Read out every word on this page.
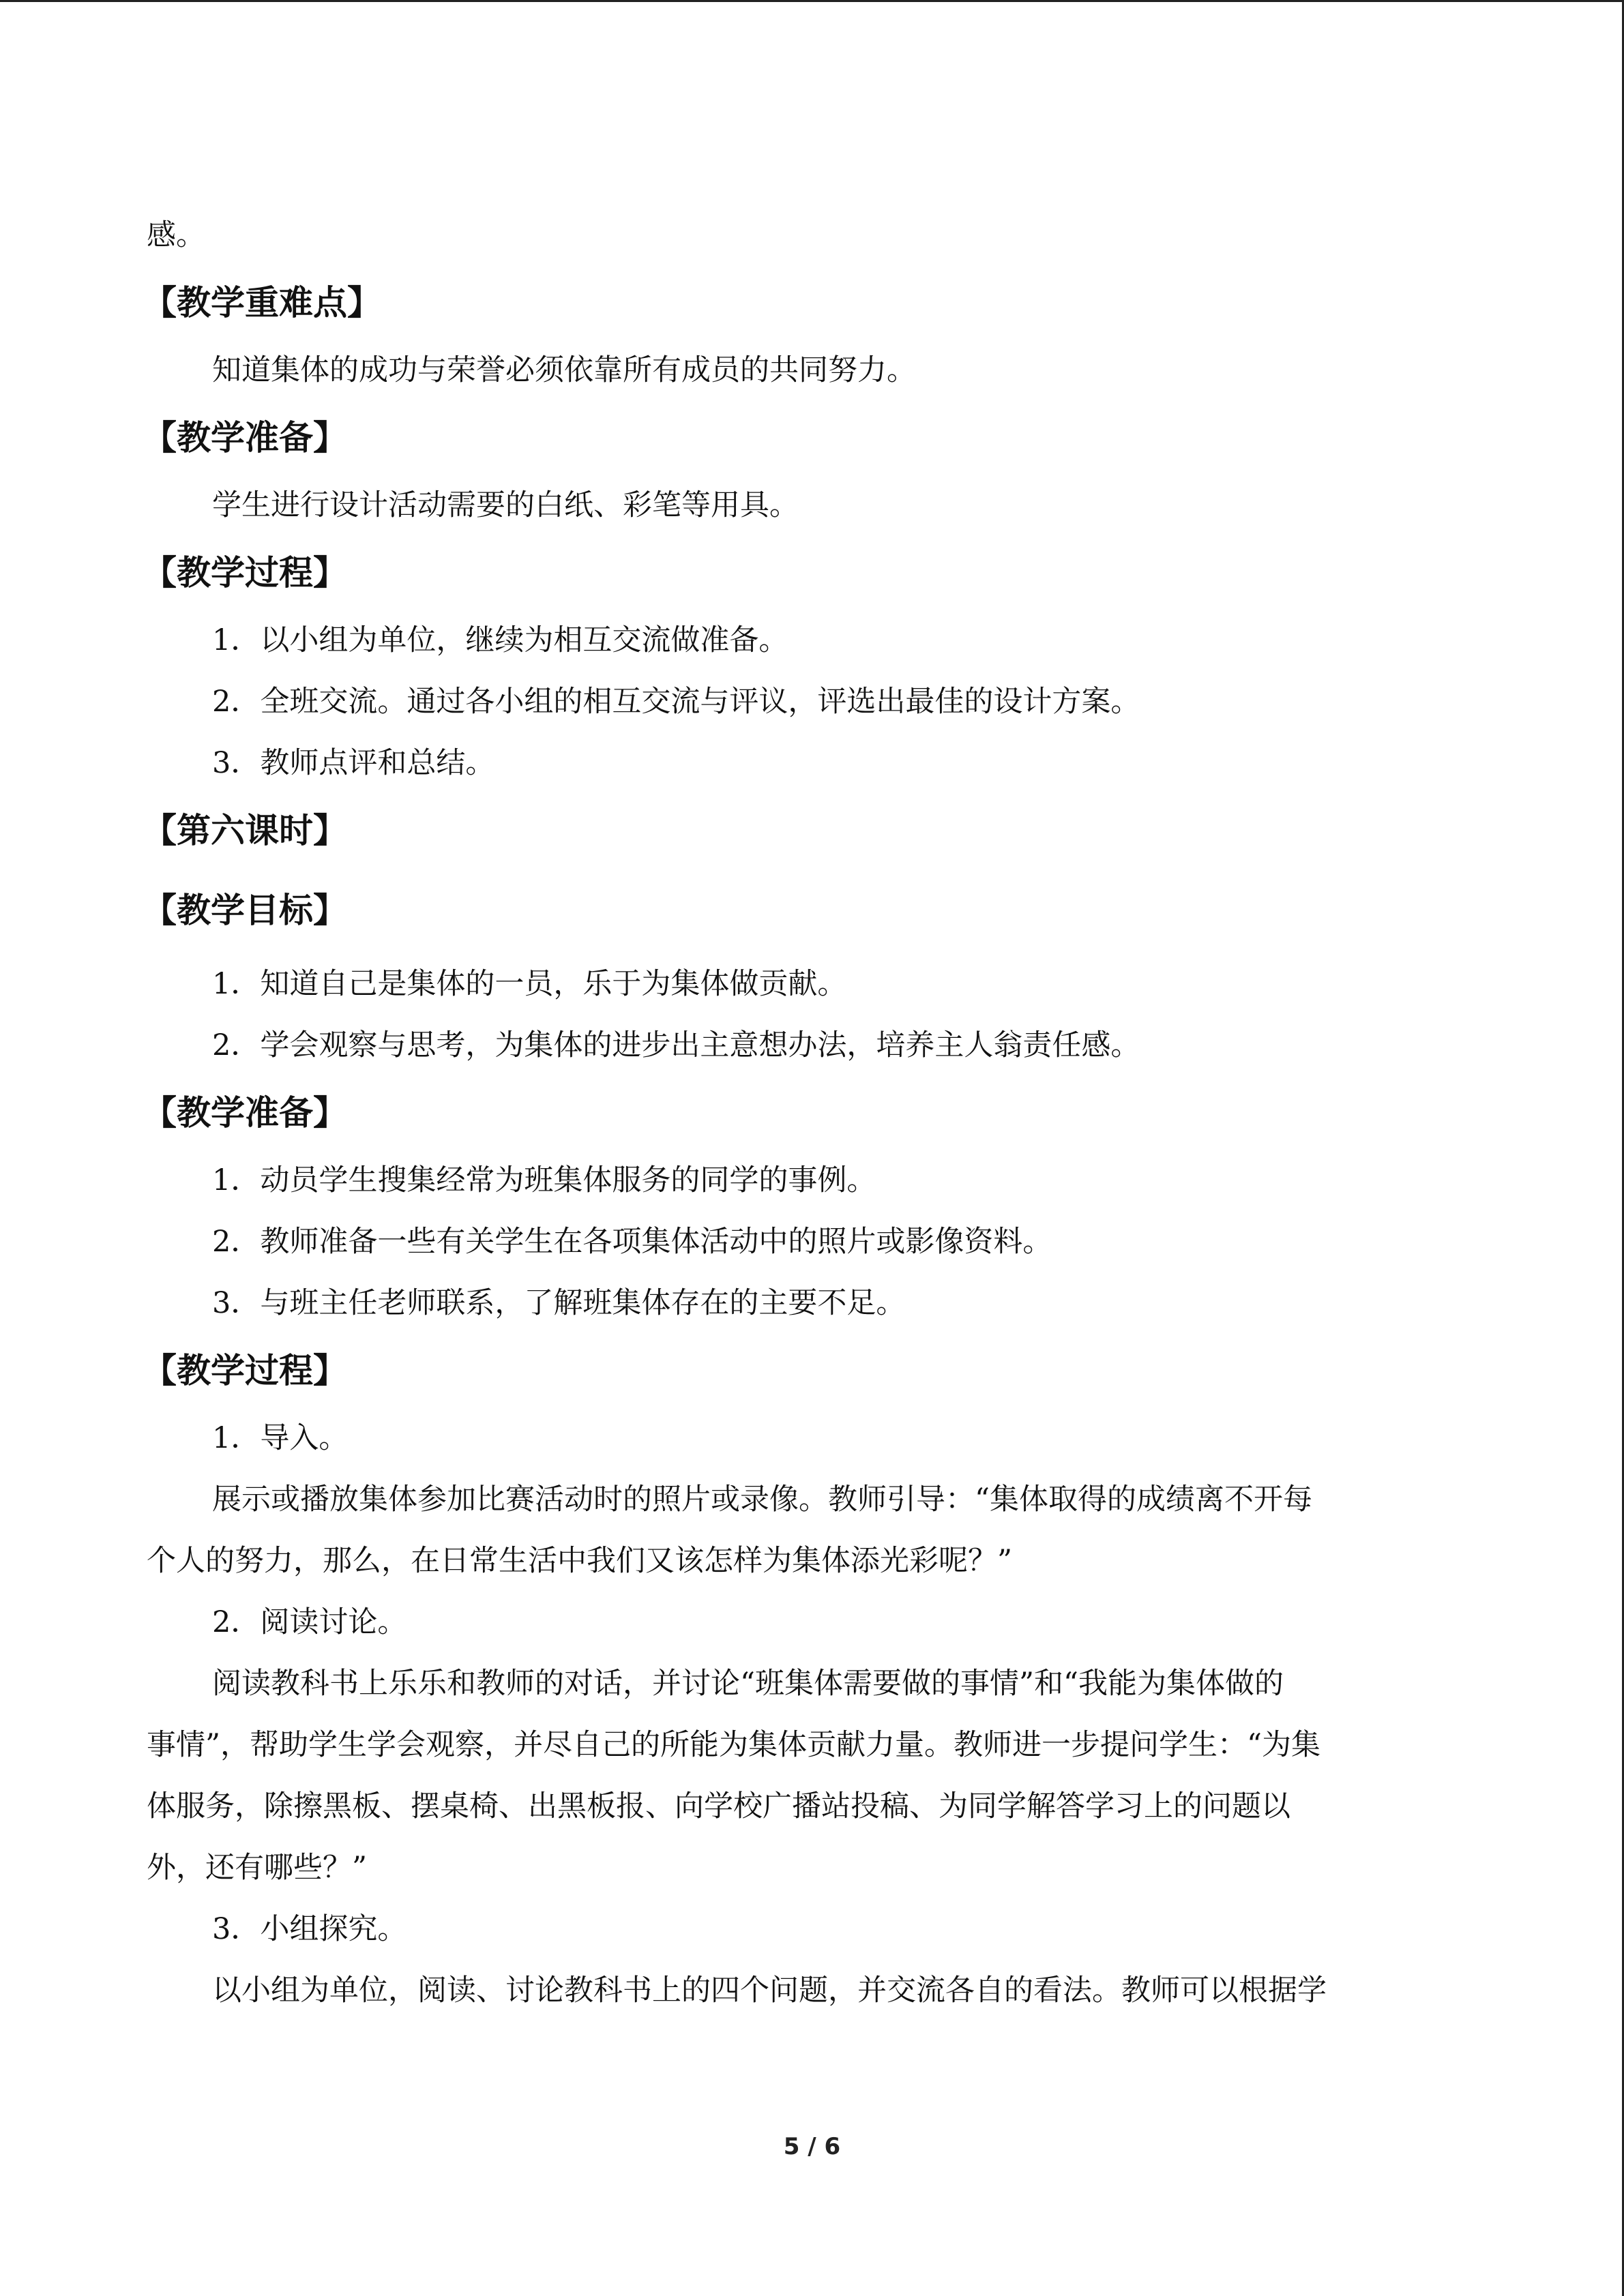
感。
【教学重难点】
知道集体的成功与荣誉必须依靠所有成员的共同努力。
【教学准备】
学生进行设计活动需要的白纸、彩笔等用具。
【教学过程】
1．以小组为单位，继续为相互交流做准备。
2．全班交流。通过各小组的相互交流与评议，评选出最佳的设计方案。
3．教师点评和总结。
【第六课时】
【教学目标】
1．知道自己是集体的一员，乐于为集体做贡献。
2．学会观察与思考，为集体的进步出主意想办法，培养主人翁责任感。
【教学准备】
1．动员学生搜集经常为班集体服务的同学的事例。
2．教师准备一些有关学生在各项集体活动中的照片或影像资料。
3．与班主任老师联系，了解班集体存在的主要不足。
【教学过程】
1．导入。
展示或播放集体参加比赛活动时的照片或录像。教师引导：“集体取得的成绩离不开每
个人的努力，那么，在日常生活中我们又该怎样为集体添光彩呢？”
2．阅读讨论。
阅读教科书上乐乐和教师的对话，并讨论“班集体需要做的事情”和“我能为集体做的
事情”，帮助学生学会观察，并尽自己的所能为集体贡献力量。教师进一步提问学生：“为集
体服务，除擦黑板、摆桌椅、出黑板报、向学校广播站投稿、为同学解答学习上的问题以
外，还有哪些？”
3．小组探究。
以小组为单位，阅读、讨论教科书上的四个问题，并交流各自的看法。教师可以根据学
5 / 6
